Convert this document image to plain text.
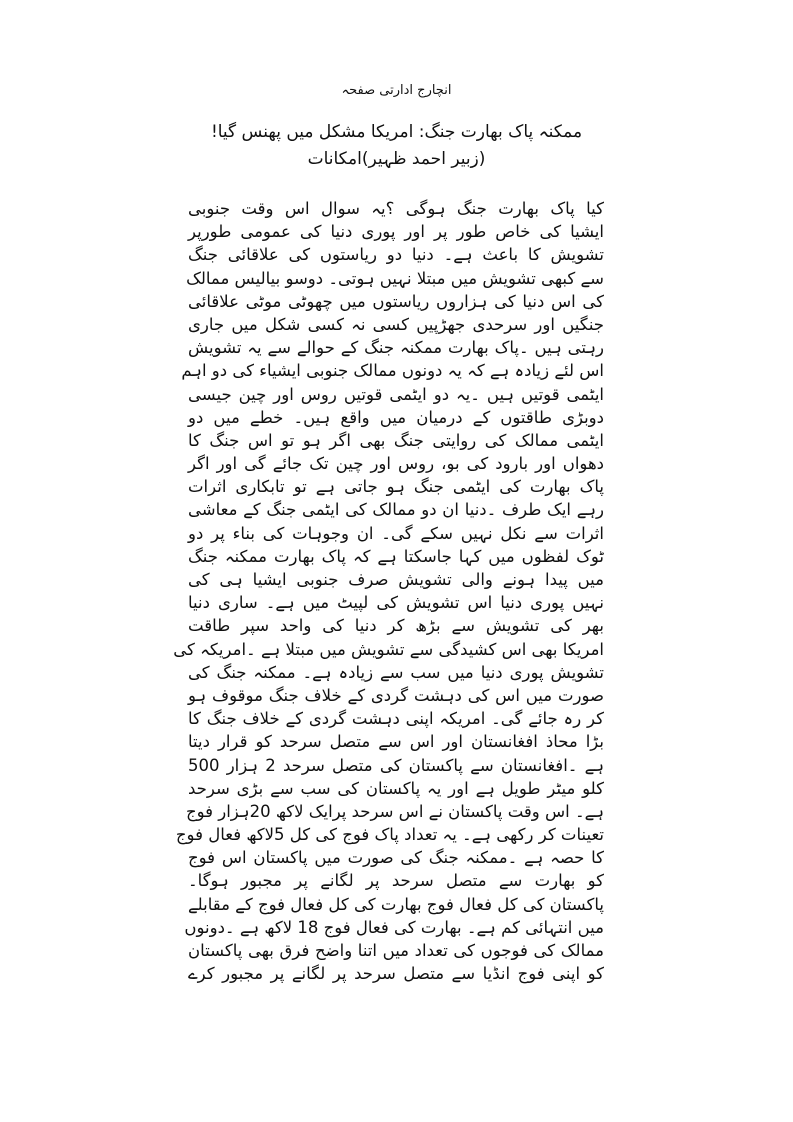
انچارج ادارتی صفحہ
ممکنہ پاک بھارت جنگ: امریکا مشکل میں پھنس گیا!
(زبیر احمد ظہیر)امکانات
کیا پاک بھارت جنگ ہوگی ؟یہ سوال اس وقت جنوبی
ایشیا کی خاص طور پر اور پوری دنیا کی عمومی طورپر
تشویش کا باعث ہے۔ دنیا دو ریاستوں کی علاقائی جنگ
سے کبھی تشویش میں مبتلا نہیں ہوتی۔ دوسو بیالیس ممالک
کی اس دنیا کی ہزاروں ریاستوں میں چھوٹی موٹی علاقائی
جنگیں اور سرحدی جھڑپیں کسی نہ کسی شکل میں جاری
رہتی ہیں ۔پاک بھارت ممکنہ جنگ کے حوالے سے یہ تشویش
اس لئے زیادہ ہے کہ یہ دونوں ممالک جنوبی ایشیاء کی دو اہم
ایٹمی قوتیں ہیں ۔یہ دو ایٹمی قوتیں روس اور چین جیسی
دوبڑی طاقتوں کے درمیان میں واقع ہیں۔ خطے میں دو
ایٹمی ممالک کی روایتی جنگ بھی اگر ہو تو اس جنگ کا
دھواں اور بارود کی بو، روس اور چین تک جائے گی اور اگر
پاک بھارت کی ایٹمی جنگ ہو جاتی ہے تو تابکاری اثرات
رہے ایک طرف ۔دنیا ان دو ممالک کی ایٹمی جنگ کے معاشی
اثرات سے نکل نہیں سکے گی۔ ان وجوہات کی بناء پر دو
ٹوک لفظوں میں کہا جاسکتا ہے کہ پاک بھارت ممکنہ جنگ
میں پیدا ہونے والی تشویش صرف جنوبی ایشیا ہی کی
نہیں پوری دنیا اس تشویش کی لپیٹ میں ہے۔ ساری دنیا
بھر کی تشویش سے بڑھ کر دنیا کی واحد سپر طاقت
امریکا بھی اس کشیدگی سے تشویش میں مبتلا ہے ۔امریکہ کی
تشویش پوری دنیا میں سب سے زیادہ ہے۔ ممکنہ جنگ کی
صورت میں اس کی دہشت گردی کے خلاف جنگ موقوف ہو
کر رہ جائے گی۔ امریکہ اپنی دہشت گردی کے خلاف جنگ کا
بڑا محاذ افغانستان اور اس سے متصل سرحد کو قرار دیتا
ہے ۔افغانستان سے پاکستان کی متصل سرحد 2 ہزار 500
کلو میٹر طویل ہے اور یہ پاکستان کی سب سے بڑی سرحد
ہے۔ اس وقت پاکستان نے اس سرحد پرایک لاکھ 20ہزار فوج
تعینات کر رکھی ہے۔ یہ تعداد پاک فوج کی کل 5لاکھ فعال فوج
کا حصہ ہے ۔ممکنہ جنگ کی صورت میں پاکستان اس فوج
کو بھارت سے متصل سرحد پر لگانے پر مجبور ہوگا۔
پاکستان کی کل فعال فوج بھارت کی کل فعال فوج کے مقابلے
میں انتہائی کم ہے۔ بھارت کی فعال فوج 18 لاکھ ہے ۔دونوں
ممالک کی فوجوں کی تعداد میں اتنا واضح فرق بھی پاکستان
کو اپنی فوج انڈیا سے متصل سرحد پر لگانے پر مجبور کرے
